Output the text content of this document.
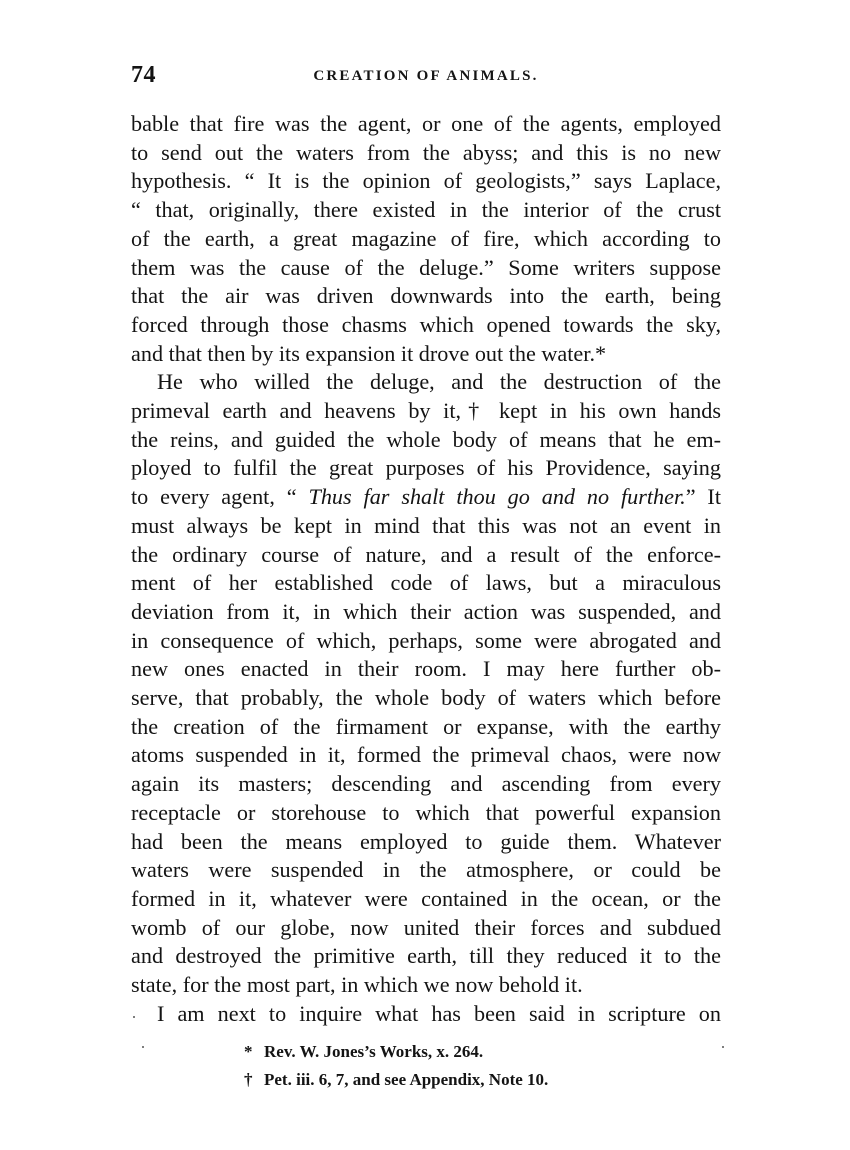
74	CREATION OF ANIMALS.

bable that fire was the agent, or one of the agents, employed
to send out the waters from the abyss; and this is no new
hypothesis. “ It is the opinion of geologists,” says Laplace,
“ that, originally, there existed in the interior of the crust
of the earth, a great magazine of fire, which according to
them was the cause of the deluge.” Some writers suppose
that the air was driven downwards into the earth, being
forced through those chasms which opened towards the sky,
and that then by its expansion it drove out the water.*

He who willed the deluge, and the destruction of the
primeval earth and heavens by it,† kept in his own hands
the reins, and guided the whole body of means that he em-
ployed to fulfil the great purposes of his Providence, saying
to every agent, “ Thus far shalt thou go and no further.” It
must always be kept in mind that this was not an event in
the ordinary course of nature, and a result of the enforce-
ment of her established code of laws, but a miraculous
deviation from it, in which their action was suspended, and
in consequence of which, perhaps, some were abrogated and
new ones enacted in their room. I may here further ob-
serve, that probably, the whole body of waters which before
the creation of the firmament or expanse, with the earthy
atoms suspended in it, formed the primeval chaos, were now
again its masters; descending and ascending from every
receptacle or storehouse to which that powerful expansion
had been the means employed to guide them. Whatever
waters were suspended in the atmosphere, or could be
formed in it, whatever were contained in the ocean, or the
womb of our globe, now united their forces and subdued
and destroyed the primitive earth, till they reduced it to the
state, for the most part, in which we now behold it.

I am next to inquire what has been said in scripture on

* Rev. W. Jones’s Works, x. 264.
† Pet. iii. 6, 7, and see Appendix, Note 10.
